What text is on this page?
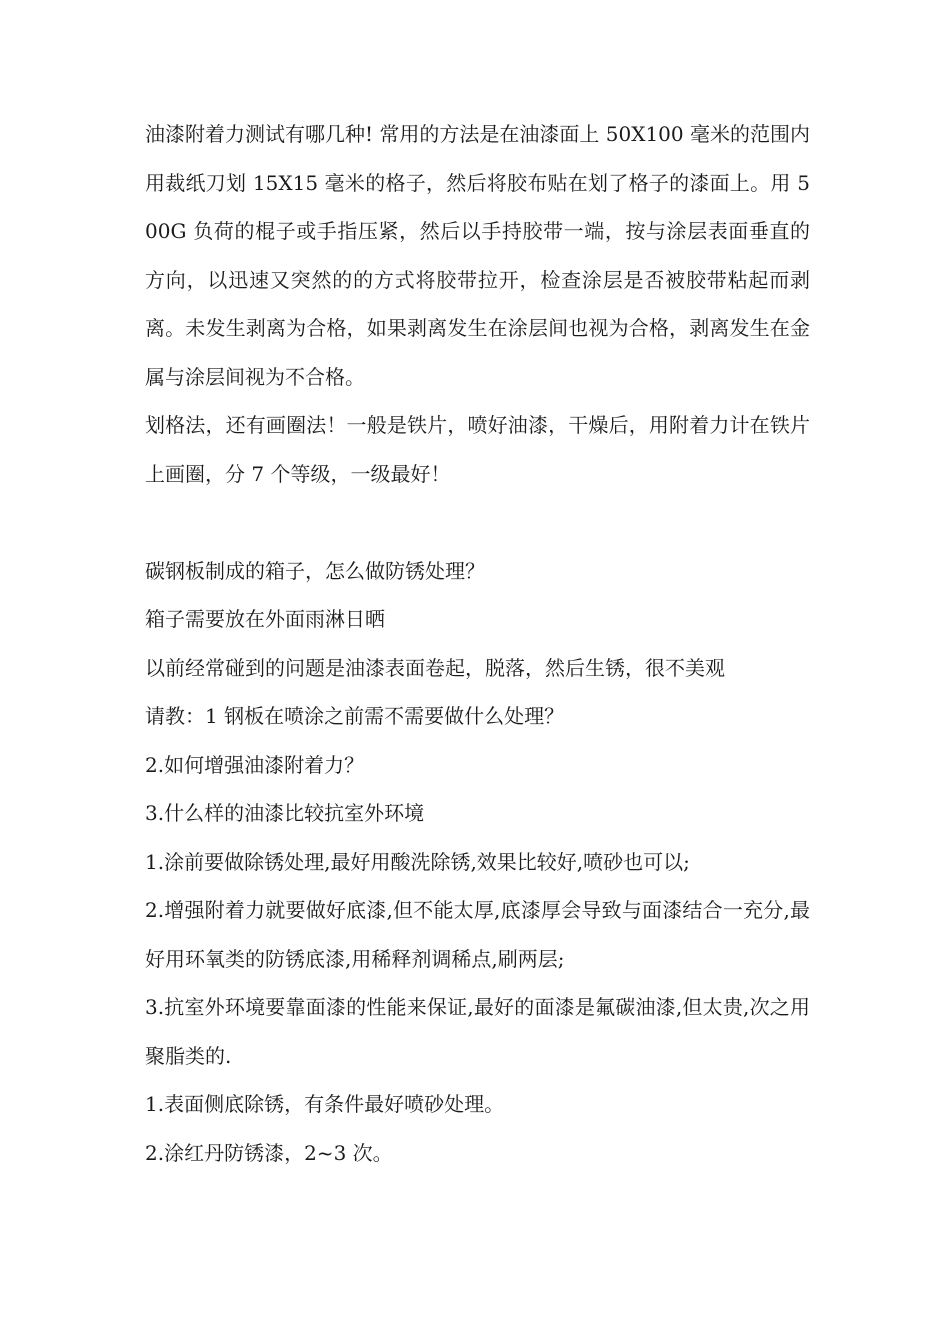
油漆附着力测试有哪几种! 常用的方法是在油漆面上 50X100 毫米的范围内用裁纸刀划 15X15 毫米的格子，然后将胶布贴在划了格子的漆面上。用 500G 负荷的棍子或手指压紧，然后以手持胶带一端，按与涂层表面垂直的方向，以迅速又突然的的方式将胶带拉开，检查涂层是否被胶带粘起而剥离。未发生剥离为合格，如果剥离发生在涂层间也视为合格，剥离发生在金属与涂层间视为不合格。

划格法，还有画圈法！一般是铁片，喷好油漆，干燥后，用附着力计在铁片上画圈，分 7 个等级，一级最好！

碳钢板制成的箱子，怎么做防锈处理？

箱子需要放在外面雨淋日晒

以前经常碰到的问题是油漆表面卷起，脱落，然后生锈，很不美观

请教：1 钢板在喷涂之前需不需要做什么处理？

2.如何增强油漆附着力？

3.什么样的油漆比较抗室外环境

1.涂前要做除锈处理,最好用酸洗除锈,效果比较好,喷砂也可以;

2.增强附着力就要做好底漆,但不能太厚,底漆厚会导致与面漆结合一充分,最好用环氧类的防锈底漆,用稀释剂调稀点,刷两层;

3.抗室外环境要靠面漆的性能来保证,最好的面漆是氟碳油漆,但太贵,次之用聚脂类的.

1.表面侧底除锈，有条件最好喷砂处理。

2.涂红丹防锈漆，2~3 次。
